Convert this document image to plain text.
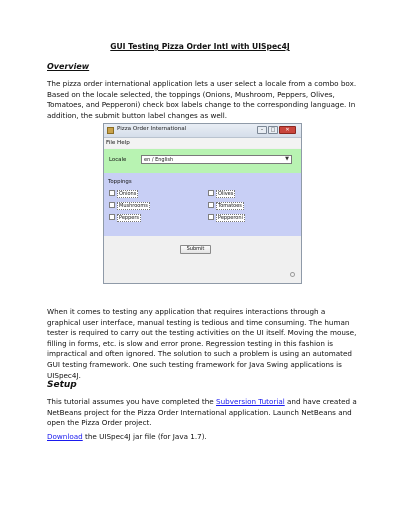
GUI Testing Pizza Order Intl with UISpec4J
Overview
The pizza order international application lets a user select a locale from a combo box. Based on the locale selected, the toppings (Onions, Mushroom, Peppers, Olives, Tomatoes, and Pepperoni) check box labels change to the corresponding language. In addition, the submit button label changes as well.
Pizza Order International	–	□	✕
File Help
Locale	en / English	▼
Toppings
Onions
Mushrooms
Peppers
Olives
Tomatoes
Pepperoni
Submit
When it comes to testing any application that requires interactions through a graphical user interface, manual testing is tedious and time consuming. The human tester is required to carry out the testing activities on the UI itself. Moving the mouse, filling in forms, etc. is slow and error prone. Regression testing in this fashion is impractical and often ignored. The solution to such a problem is using an automated GUI testing framework. One such testing framework for Java Swing applications is UISpec4J.
Setup
This tutorial assumes you have completed the Subversion Tutorial and have created a NetBeans project for the Pizza Order International application. Launch NetBeans and open the Pizza Order project.
Download the UISpec4J jar file (for Java 1.7).
